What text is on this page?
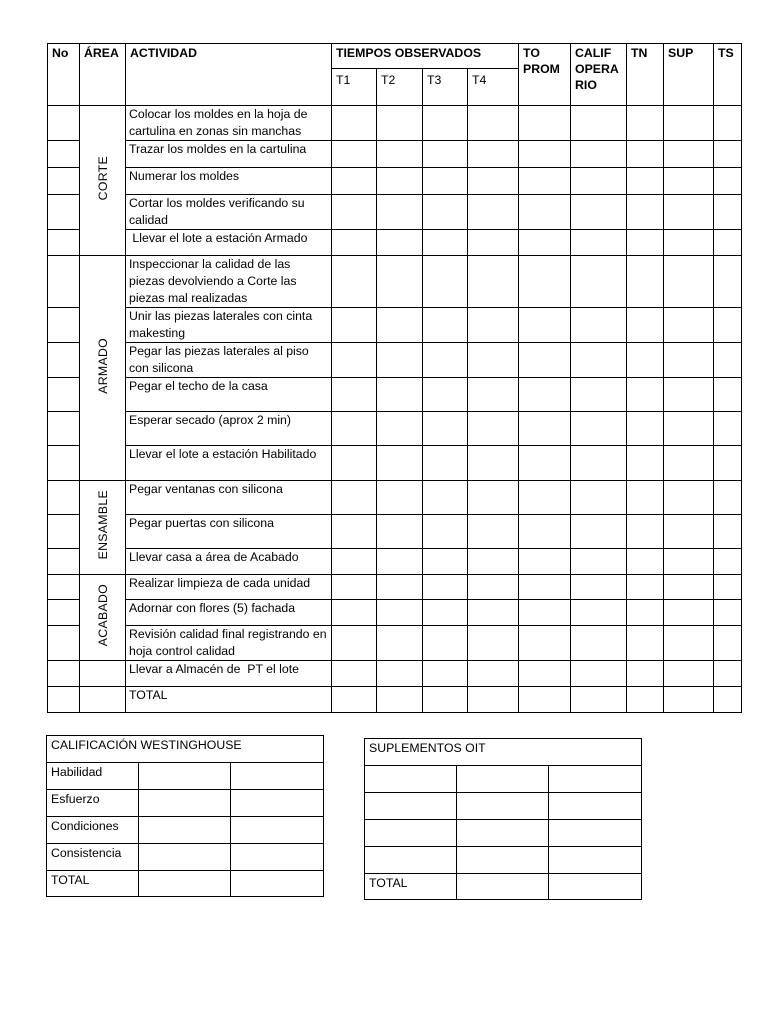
No	ÁREA	ACTIVIDAD	TIEMPOS OBSERVADOS				TO PROM	CALIF OPERA RIO	TN	SUP	TS
			T1	T2	T3	T4					
	CORTE	Colocar los moldes en la hoja de cartulina en zonas sin manchas									
		Trazar los moldes en la cartulina									
		Numerar los moldes									
		Cortar los moldes verificando su calidad									
		Llevar el lote a estación Armado									
	ARMADO	Inspeccionar la calidad de las piezas devolviendo a Corte las piezas mal realizadas									
		Unir las piezas laterales con cinta makesting									
		Pegar las piezas laterales al piso con silicona									
		Pegar el techo de la casa									
		Esperar secado (aprox 2 min)									
		Llevar el lote a estación Habilitado									
	ENSAMBLE	Pegar ventanas con silicona									
		Pegar puertas con silicona									
		Llevar casa a área de Acabado									
	ACABADO	Realizar limpieza de cada unidad									
		Adornar con flores (5) fachada									
		Revisión calidad final registrando en hoja control calidad									
		Llevar a Almacén de  PT el lote									
		TOTAL									
CALIFICACIÓN WESTINGHOUSE		
Habilidad		
Esfuerzo		
Condiciones		
Consistencia		
TOTAL		
SUPLEMENTOS OIT		

TOTAL		
